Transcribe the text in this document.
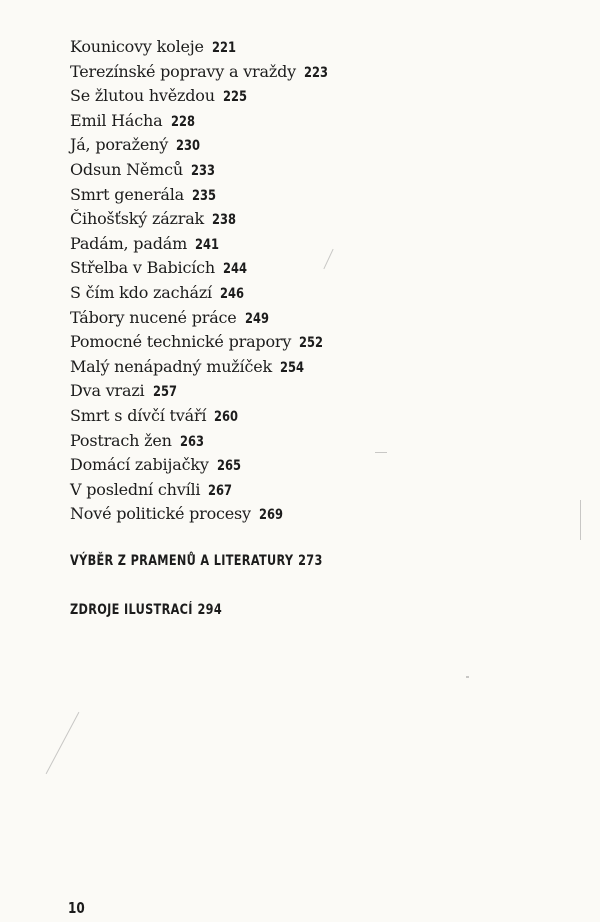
Kounicovy koleje 221
Terezínské popravy a vraždy 223
Se žlutou hvězdou 225
Emil Hácha 228
Já, poražený 230
Odsun Němců 233
Smrt generála 235
Čihošťský zázrak 238
Padám, padám 241
Střelba v Babicích 244
S čím kdo zachází 246
Tábory nucené práce 249
Pomocné technické prapory 252
Malý nenápadný mužíček 254
Dva vrazi 257
Smrt s dívčí tváří 260
Postrach žen 263
Domácí zabijačky 265
V poslední chvíli 267
Nové politické procesy 269
VÝBĚR Z PRAMENŮ A LITERATURY 273
ZDROJE ILUSTRACÍ 294
10
